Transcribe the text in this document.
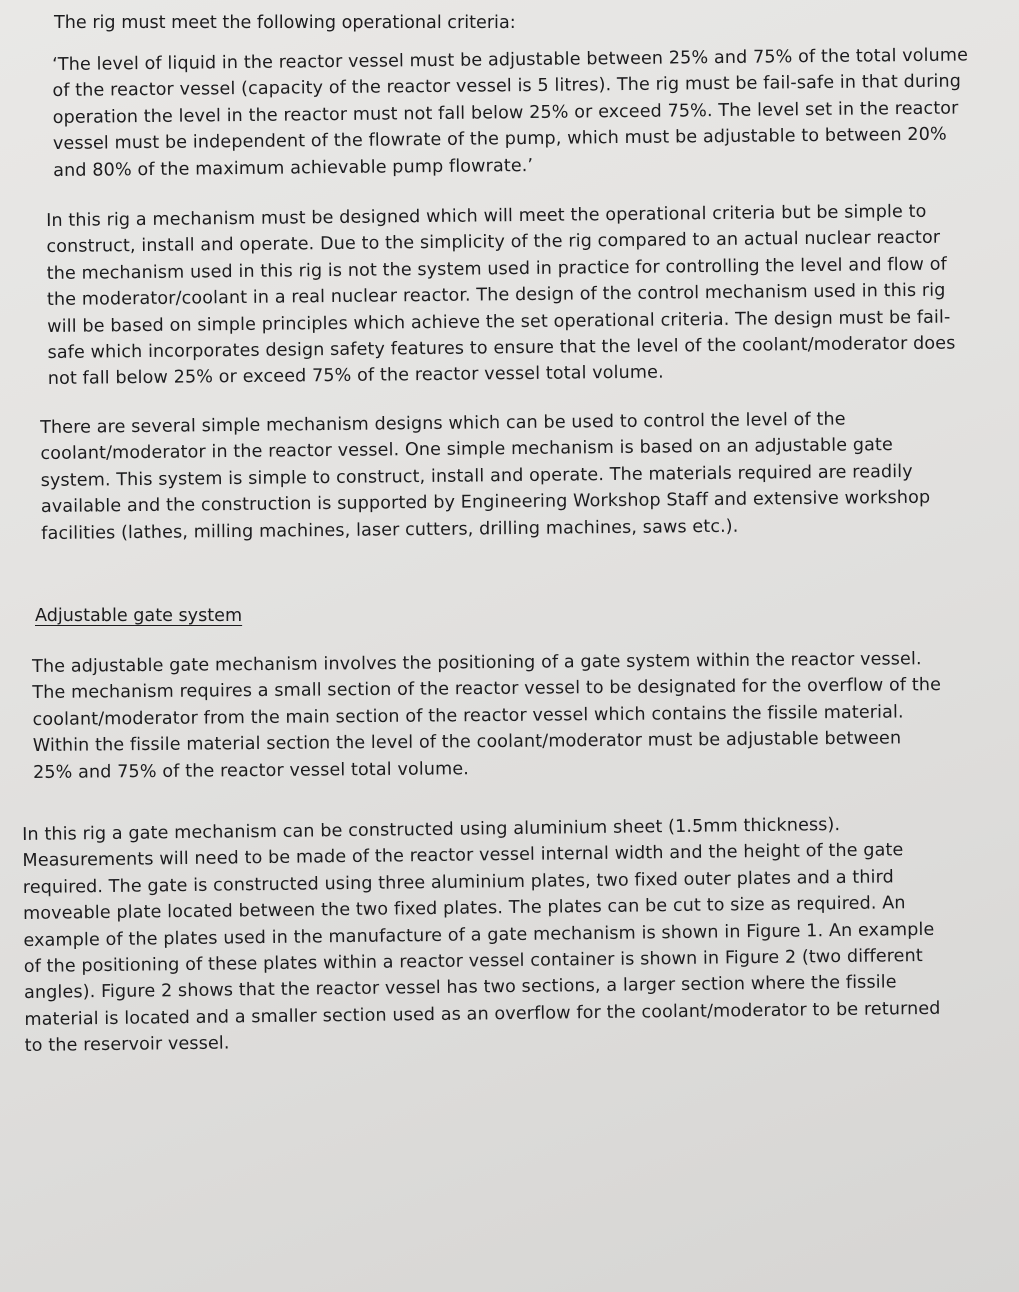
The rig must meet the following operational criteria:
‘The level of liquid in the reactor vessel must be adjustable between 25% and 75% of the total volume
of the reactor vessel (capacity of the reactor vessel is 5 litres). The rig must be fail-safe in that during
operation the level in the reactor must not fall below 25% or exceed 75%. The level set in the reactor
vessel must be independent of the flowrate of the pump, which must be adjustable to between 20%
and 80% of the maximum achievable pump flowrate.’
In this rig a mechanism must be designed which will meet the operational criteria but be simple to
construct, install and operate. Due to the simplicity of the rig compared to an actual nuclear reactor
the mechanism used in this rig is not the system used in practice for controlling the level and flow of
the moderator/coolant in a real nuclear reactor. The design of the control mechanism used in this rig
will be based on simple principles which achieve the set operational criteria. The design must be fail-
safe which incorporates design safety features to ensure that the level of the coolant/moderator does
not fall below 25% or exceed 75% of the reactor vessel total volume.
There are several simple mechanism designs which can be used to control the level of the
coolant/moderator in the reactor vessel. One simple mechanism is based on an adjustable gate
system. This system is simple to construct, install and operate. The materials required are readily
available and the construction is supported by Engineering Workshop Staff and extensive workshop
facilities (lathes, milling machines, laser cutters, drilling machines, saws etc.).
Adjustable gate system
The adjustable gate mechanism involves the positioning of a gate system within the reactor vessel.
The mechanism requires a small section of the reactor vessel to be designated for the overflow of the
coolant/moderator from the main section of the reactor vessel which contains the fissile material.
Within the fissile material section the level of the coolant/moderator must be adjustable between
25% and 75% of the reactor vessel total volume.
In this rig a gate mechanism can be constructed using aluminium sheet (1.5mm thickness).
Measurements will need to be made of the reactor vessel internal width and the height of the gate
required. The gate is constructed using three aluminium plates, two fixed outer plates and a third
moveable plate located between the two fixed plates. The plates can be cut to size as required. An
example of the plates used in the manufacture of a gate mechanism is shown in Figure 1. An example
of the positioning of these plates within a reactor vessel container is shown in Figure 2 (two different
angles). Figure 2 shows that the reactor vessel has two sections, a larger section where the fissile
material is located and a smaller section used as an overflow for the coolant/moderator to be returned
to the reservoir vessel.
